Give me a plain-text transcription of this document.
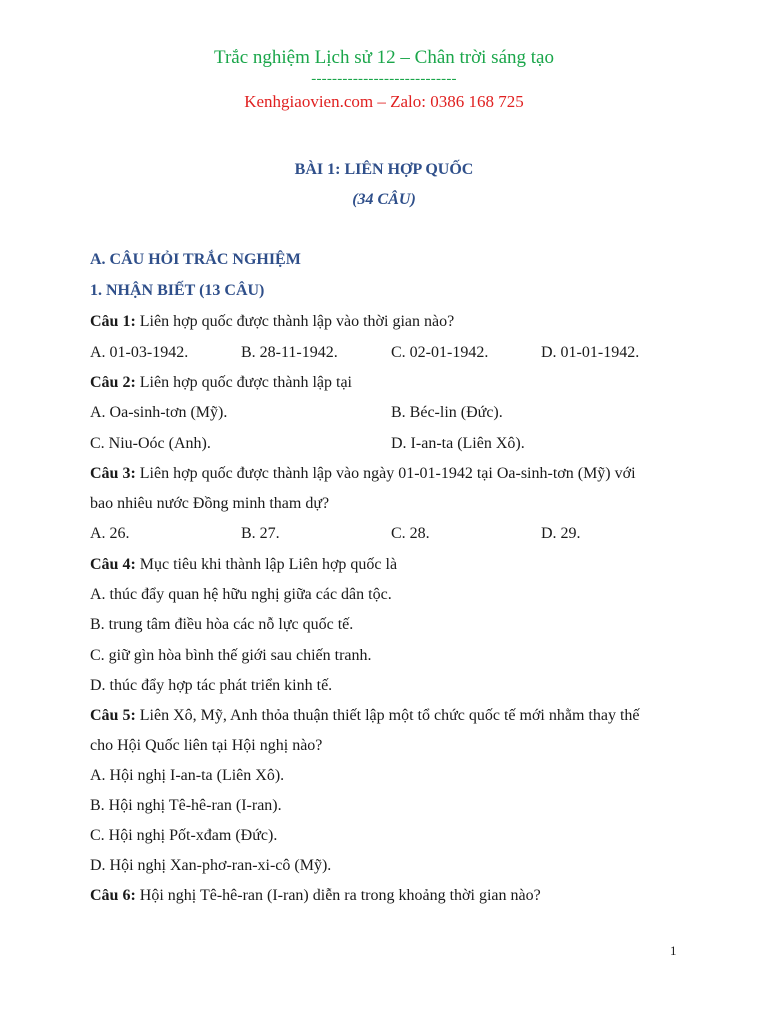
Trắc nghiệm Lịch sử 12 – Chân trời sáng tạo
----------------------------
Kenhgiaovien.com – Zalo: 0386 168 725
BÀI 1: LIÊN HỢP QUỐC
(34 CÂU)
A. CÂU HỎI TRẮC NGHIỆM
1. NHẬN BIẾT (13 CÂU)
Câu 1: Liên hợp quốc được thành lập vào thời gian nào?
A. 01-03-1942.	B. 28-11-1942.	C. 02-01-1942.	D. 01-01-1942.
Câu 2: Liên hợp quốc được thành lập tại
A. Oa-sinh-tơn (Mỹ).	B. Béc-lin (Đức).
C. Niu-Oóc (Anh).	D. I-an-ta (Liên Xô).
Câu 3: Liên hợp quốc được thành lập vào ngày 01-01-1942 tại Oa-sinh-tơn (Mỹ) với
bao nhiêu nước Đồng minh tham dự?
A. 26.	B. 27.	C. 28.	D. 29.
Câu 4: Mục tiêu khi thành lập Liên hợp quốc là
A. thúc đẩy quan hệ hữu nghị giữa các dân tộc.
B. trung tâm điều hòa các nỗ lực quốc tế.
C. giữ gìn hòa bình thế giới sau chiến tranh.
D. thúc đẩy hợp tác phát triển kinh tế.
Câu 5: Liên Xô, Mỹ, Anh thỏa thuận thiết lập một tổ chức quốc tế mới nhằm thay thế
cho Hội Quốc liên tại Hội nghị nào?
A. Hội nghị I-an-ta (Liên Xô).
B. Hội nghị Tê-hê-ran (I-ran).
C. Hội nghị Pốt-xđam (Đức).
D. Hội nghị Xan-phơ-ran-xi-cô (Mỹ).
Câu 6: Hội nghị Tê-hê-ran (I-ran) diễn ra trong khoảng thời gian nào?
1
